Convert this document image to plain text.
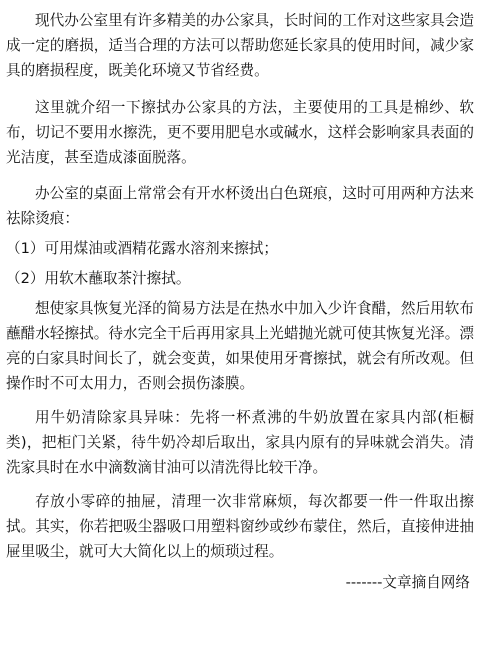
现代办公室里有许多精美的办公家具，长时间的工作对这些家具会造成一定的磨损，适当合理的方法可以帮助您延长家具的使用时间，减少家具的磨损程度，既美化环境又节省经费。

这里就介绍一下擦拭办公家具的方法，主要使用的工具是棉纱、软布，切记不要用水擦洗，更不要用肥皂水或碱水，这样会影响家具表面的光洁度，甚至造成漆面脱落。

办公室的桌面上常常会有开水杯烫出白色斑痕，这时可用两种方法来祛除烫痕：

（1）可用煤油或酒精花露水溶剂来擦拭；

（2）用软木蘸取茶汁擦拭。

想使家具恢复光泽的简易方法是在热水中加入少许食醋，然后用软布蘸醋水轻擦拭。待水完全干后再用家具上光蜡抛光就可使其恢复光泽。漂亮的白家具时间长了，就会变黄，如果使用牙膏擦拭，就会有所改观。但操作时不可太用力，否则会损伤漆膜。

用牛奶清除家具异味：先将一杯煮沸的牛奶放置在家具内部(柜橱类)，把柜门关紧，待牛奶冷却后取出，家具内原有的异味就会消失。清洗家具时在水中滴数滴甘油可以清洗得比较干净。

存放小零碎的抽屉，清理一次非常麻烦，每次都要一件一件取出擦拭。其实，你若把吸尘器吸口用塑料窗纱或纱布蒙住，然后，直接伸进抽屉里吸尘，就可大大简化以上的烦琐过程。

-------文章摘自网络
